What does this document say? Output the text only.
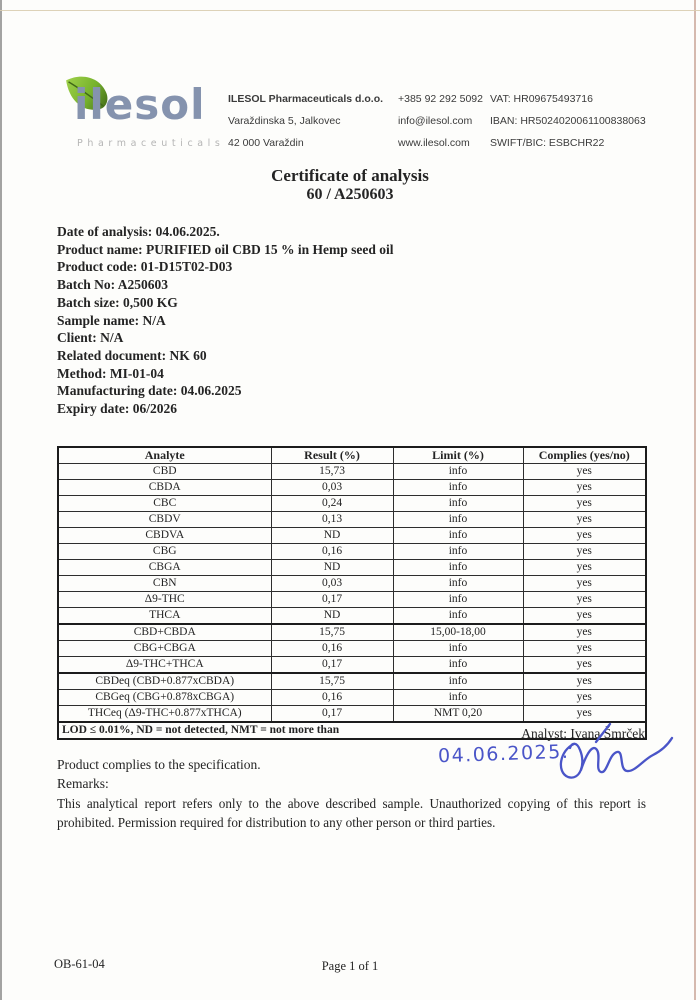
ilesol
Pharmaceuticals
ILESOL Pharmaceuticals d.o.o.
Varaždinska 5, Jalkovec
42 000 Varaždin
+385 92 292 5092
info@ilesol.com
www.ilesol.com
VAT: HR09675493716
IBAN: HR5024020061100838063
SWIFT/BIC: ESBCHR22
Certificate of analysis
60 / A250603
Date of analysis: 04.06.2025.
Product name: PURIFIED oil CBD 15 % in Hemp seed oil
Product code: 01-D15T02-D03
Batch No: A250603
Batch size: 0,500 KG
Sample name: N/A
Client: N/A
Related document: NK 60
Method: MI-01-04
Manufacturing date: 04.06.2025
Expiry date: 06/2026
Analyte	Result (%)	Limit (%)	Complies (yes/no)
CBD	15,73	info	yes
CBDA	0,03	info	yes
CBC	0,24	info	yes
CBDV	0,13	info	yes
CBDVA	ND	info	yes
CBG	0,16	info	yes
CBGA	ND	info	yes
CBN	0,03	info	yes
Δ9-THC	0,17	info	yes
THCA	ND	info	yes
CBD+CBDA	15,75	15,00-18,00	yes
CBG+CBGA	0,16	info	yes
Δ9-THC+THCA	0,17	info	yes
CBDeq (CBD+0.877xCBDA)	15,75	info	yes
CBGeq (CBG+0.878xCBGA)	0,16	info	yes
THCeq (Δ9-THC+0.877xTHCA)	0,17	NMT 0,20	yes
LOD ≤ 0.01%, ND = not detected, NMT = not more than				Analyst: Ivana Šmrček
04.06.2025.
Product complies to the specification.
Remarks:
This analytical report refers only to the above described sample. Unauthorized copying of this report is prohibited. Permission required for distribution to any other person or third parties.
OB-61-04	Page 1 of 1
